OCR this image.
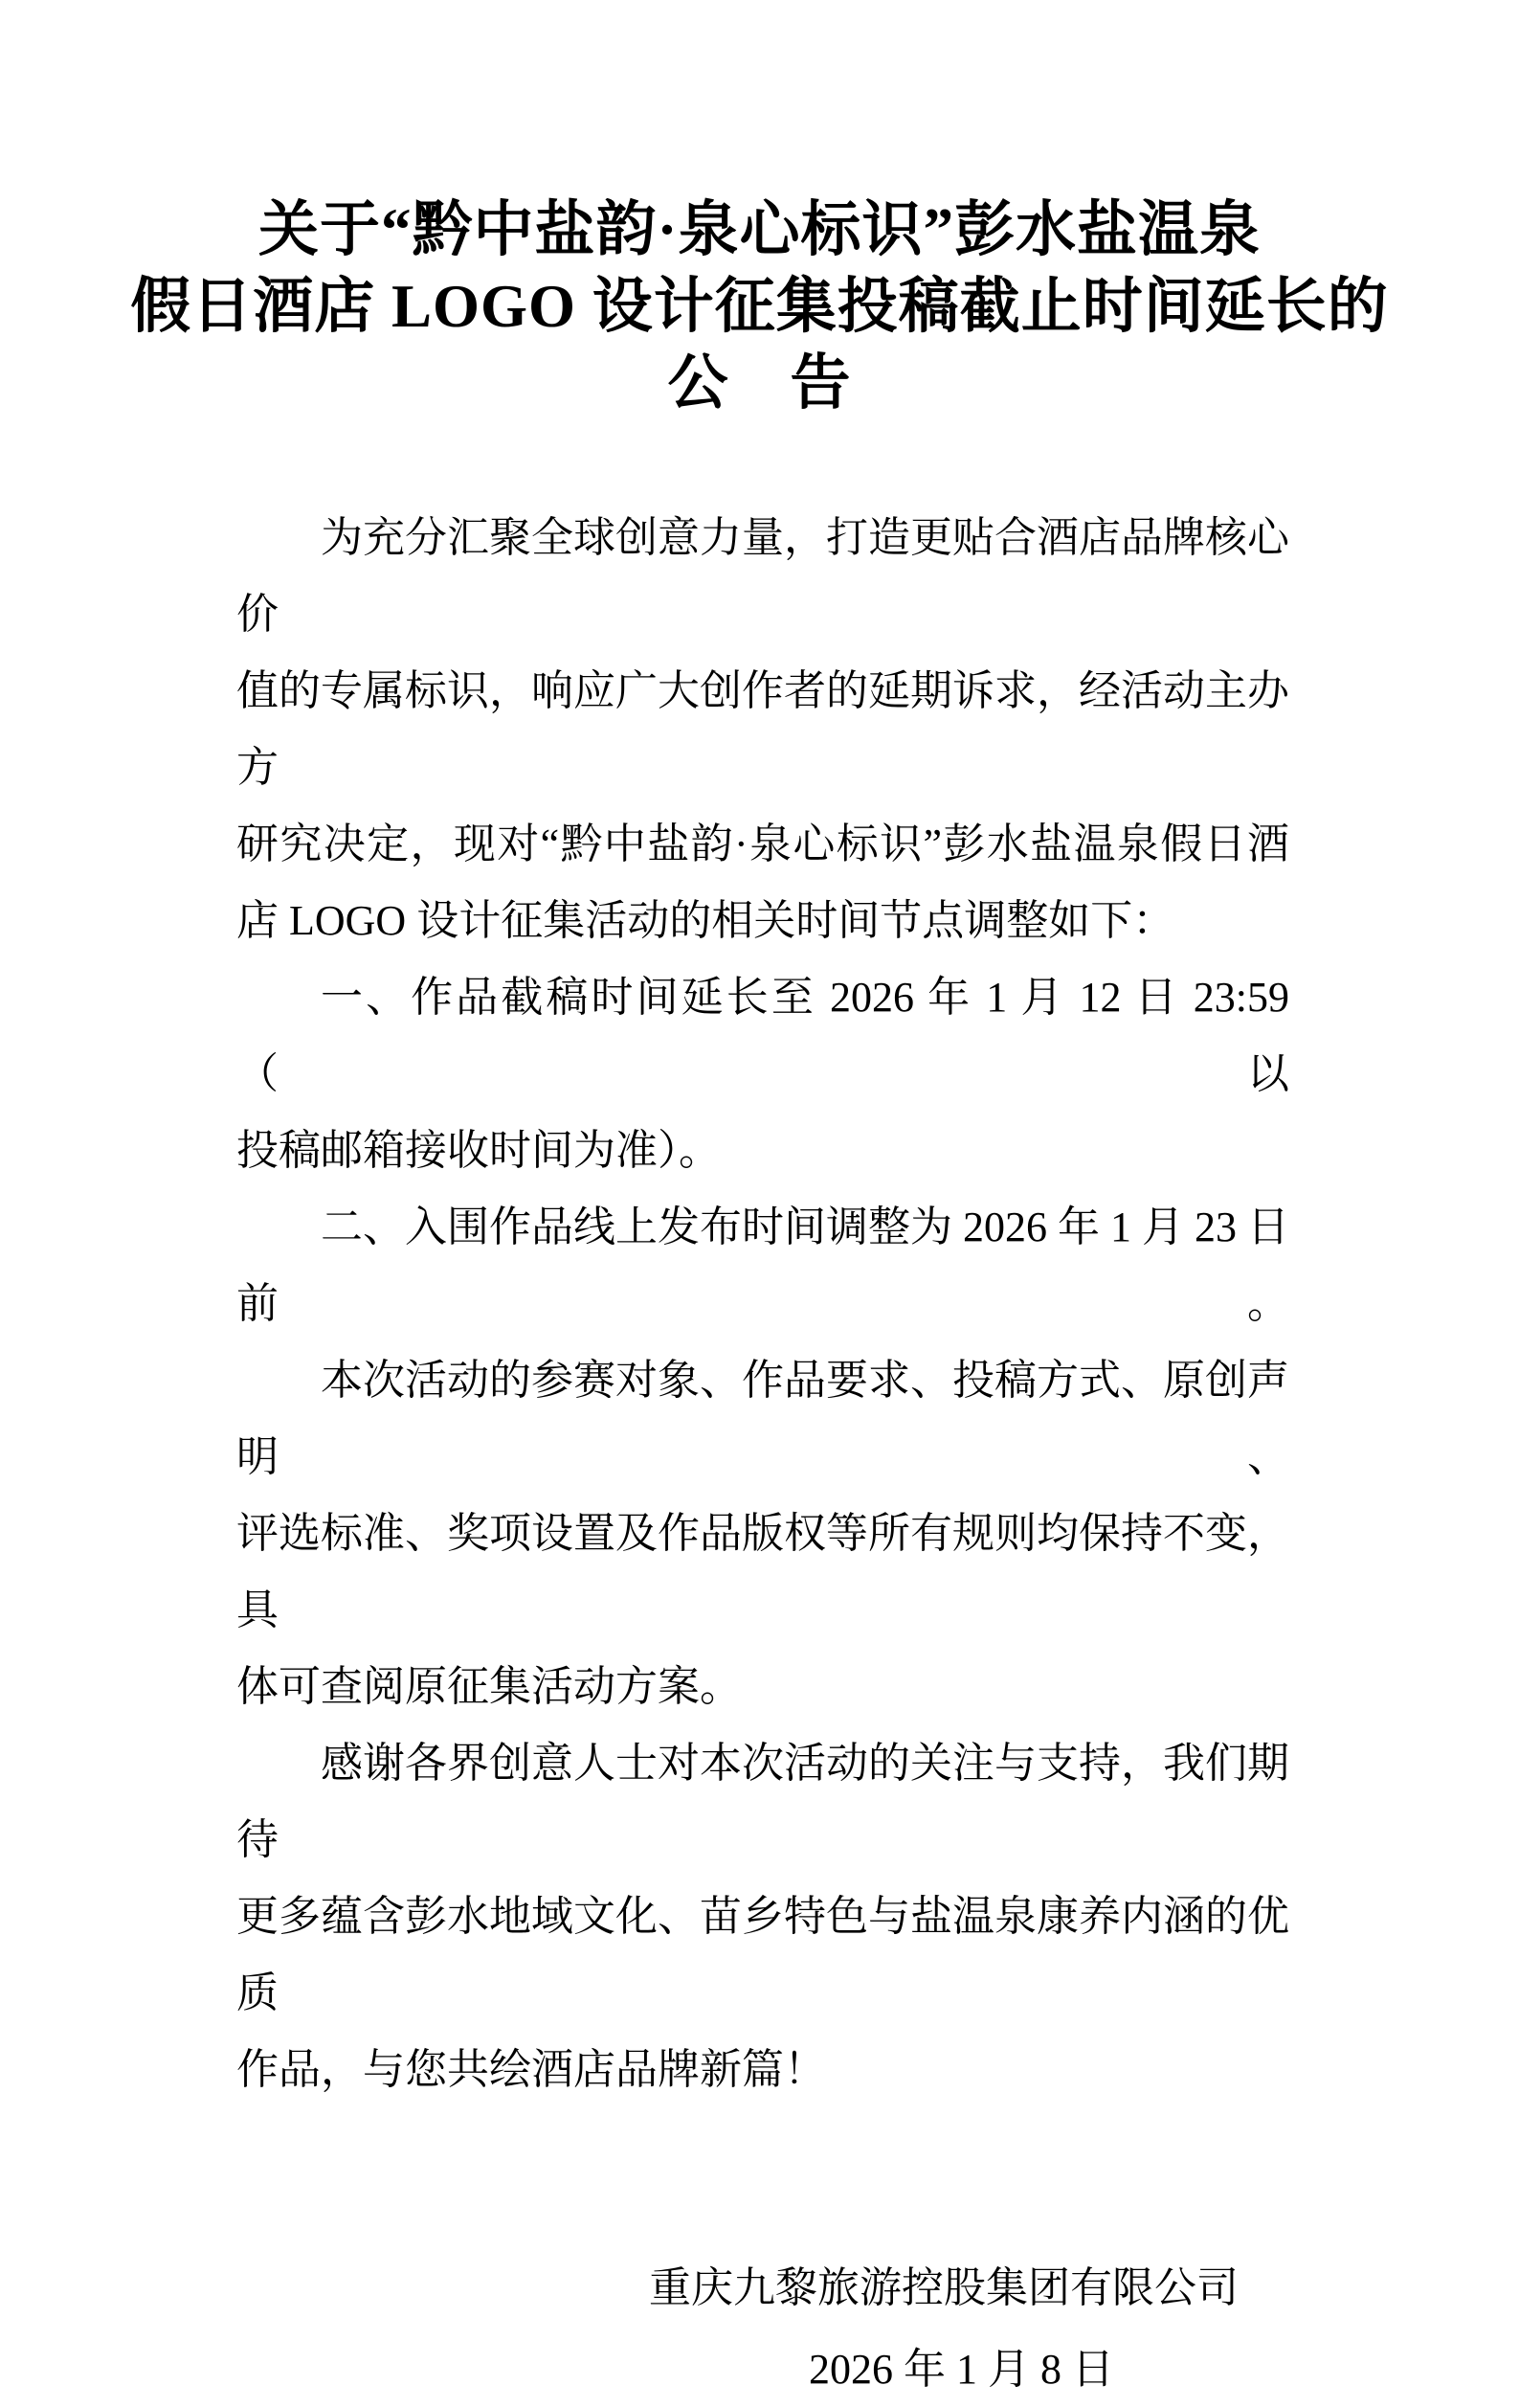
关于“黔中盐韵·泉心标识”彭水盐温泉
假日酒店 LOGO 设计征集投稿截止时间延长的
公　告
为充分汇聚全球创意力量，打造更贴合酒店品牌核心价
值的专属标识，响应广大创作者的延期诉求，经活动主办方
研究决定，现对“黔中盐韵·泉心标识”彭水盐温泉假日酒
店 LOGO 设计征集活动的相关时间节点调整如下：
一、作品截稿时间延长至 2026 年 1 月 12 日 23:59（以
投稿邮箱接收时间为准）。
二、入围作品线上发布时间调整为 2026 年 1 月 23 日前。
本次活动的参赛对象、作品要求、投稿方式、原创声明、
评选标准、奖项设置及作品版权等所有规则均保持不变，具
体可查阅原征集活动方案。
感谢各界创意人士对本次活动的关注与支持，我们期待
更多蕴含彭水地域文化、苗乡特色与盐温泉康养内涵的优质
作品，与您共绘酒店品牌新篇！
重庆九黎旅游控股集团有限公司
2026 年 1 月 8 日
